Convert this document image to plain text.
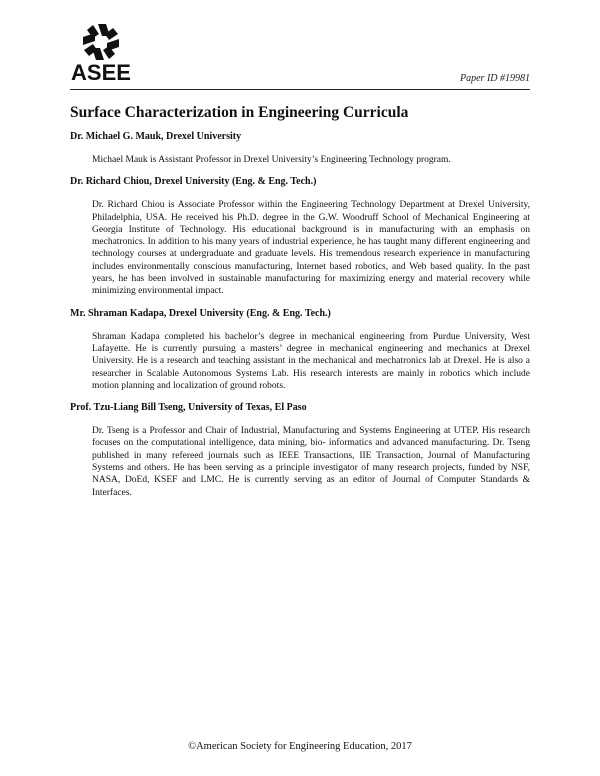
ASEE	Paper ID #19981
Surface Characterization in Engineering Curricula

Dr. Michael G. Mauk, Drexel University

Michael Mauk is Assistant Professor in Drexel University’s Engineering Technology program.

Dr. Richard Chiou, Drexel University (Eng. & Eng. Tech.)

Dr. Richard Chiou is Associate Professor within the Engineering Technology Department at Drexel University, Philadelphia, USA. He received his Ph.D. degree in the G.W. Woodruff School of Mechanical Engineering at Georgia Institute of Technology. His educational background is in manufacturing with an emphasis on mechatronics. In addition to his many years of industrial experience, he has taught many different engineering and technology courses at undergraduate and graduate levels. His tremendous research experience in manufacturing includes environmentally conscious manufacturing, Internet based robotics, and Web based quality. In the past years, he has been involved in sustainable manufacturing for maximizing energy and material recovery while minimizing environmental impact.

Mr. Shraman Kadapa, Drexel University (Eng. & Eng. Tech.)

Shraman Kadapa completed his bachelor’s degree in mechanical engineering from Purdue University, West Lafayette. He is currently pursuing a masters’ degree in mechanical engineering and mechanics at Drexel University. He is a research and teaching assistant in the mechanical and mechatronics lab at Drexel. He is also a researcher in Scalable Autonomous Systems Lab. His research interests are mainly in robotics which include motion planning and localization of ground robots.

Prof. Tzu-Liang Bill Tseng, University of Texas, El Paso

Dr. Tseng is a Professor and Chair of Industrial, Manufacturing and Systems Engineering at UTEP. His research focuses on the computational intelligence, data mining, bio- informatics and advanced manufacturing. Dr. Tseng published in many refereed journals such as IEEE Transactions, IIE Transaction, Journal of Manufacturing Systems and others. He has been serving as a principle investigator of many research projects, funded by NSF, NASA, DoEd, KSEF and LMC. He is currently serving as an editor of Journal of Computer Standards & Interfaces.

©American Society for Engineering Education, 2017
